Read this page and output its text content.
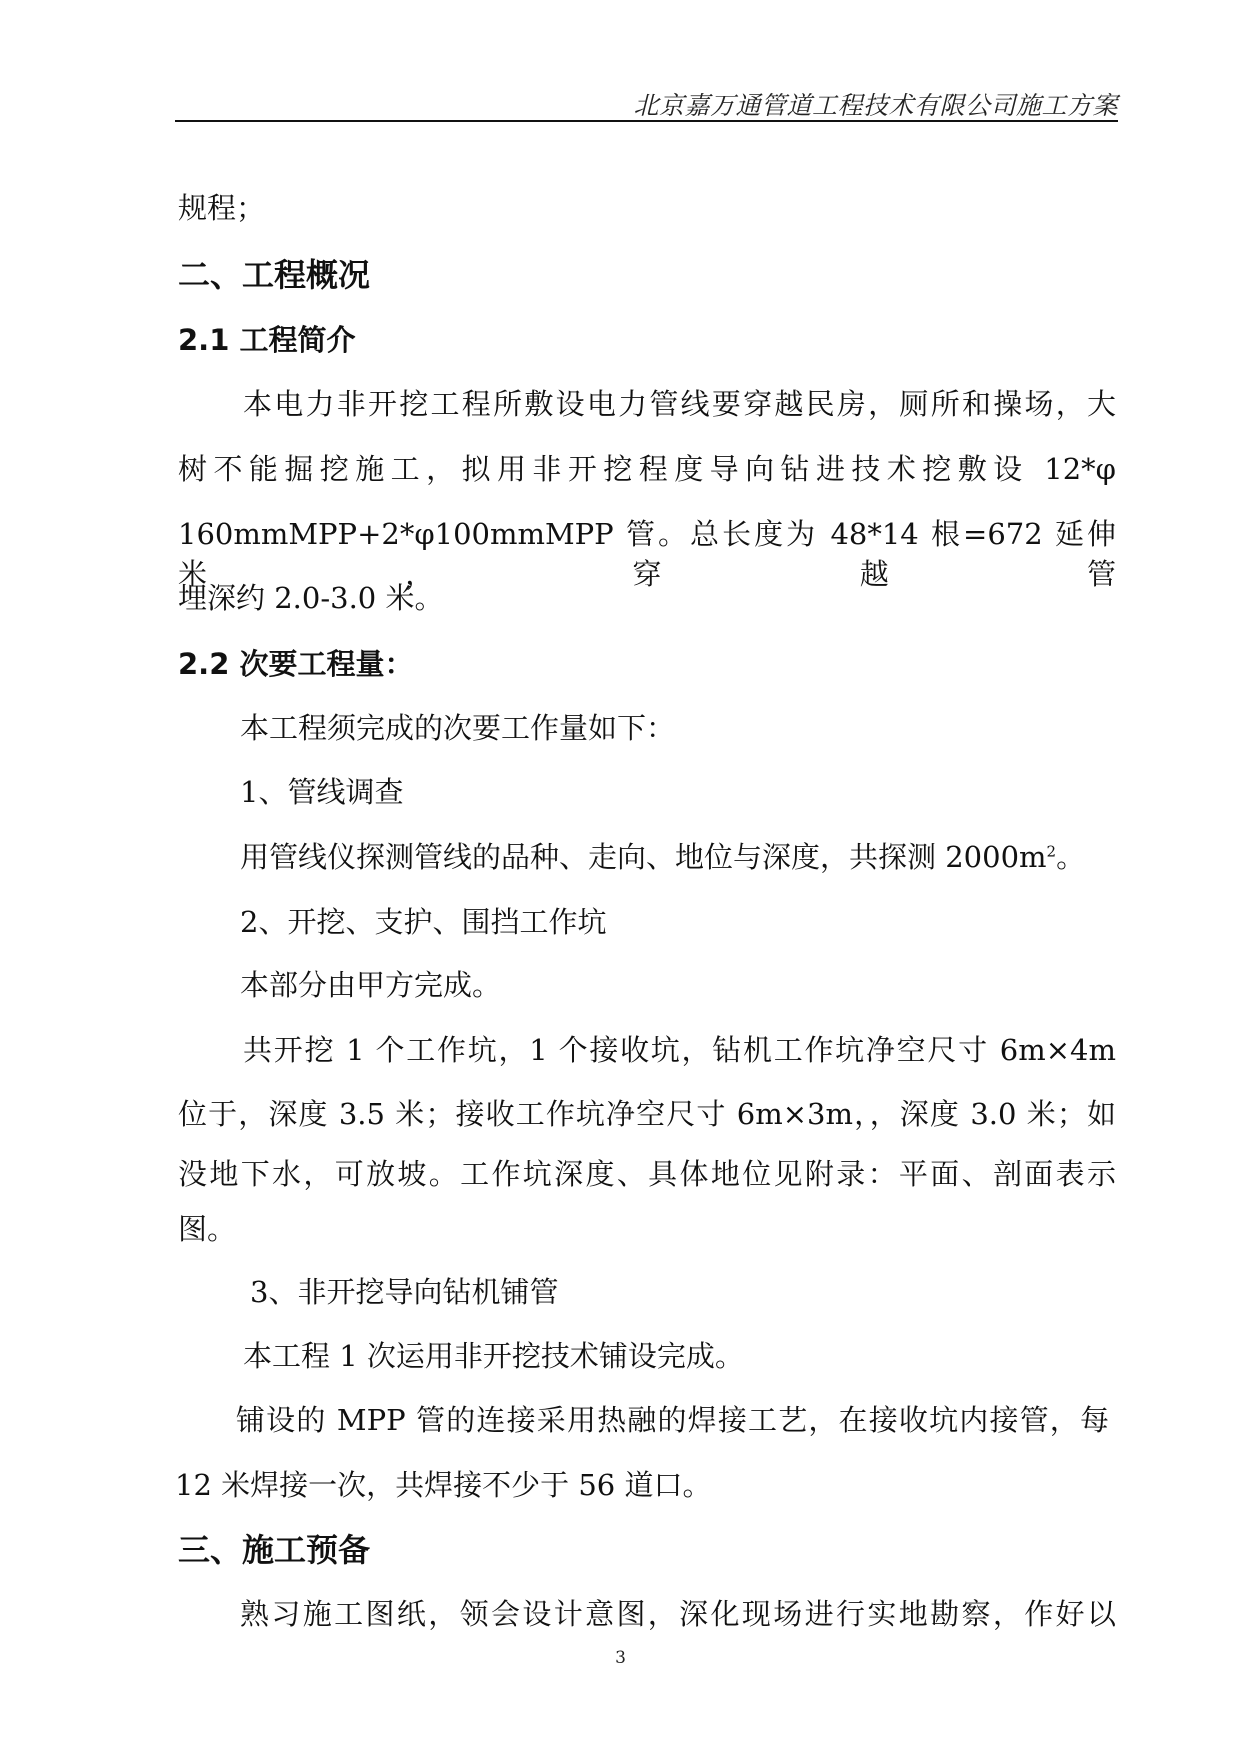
北京嘉万通管道工程技术有限公司施工方案
规程；
二、工程概况
2.1 工程简介
本电力非开挖工程所敷设电力管线要穿越民房，厕所和操场，大
树不能掘挖施工，拟用非开挖程度导向钻进技术挖敷设 12*φ
160mmMPP+2*φ100mmMPP 管。总长度为 48*14 根=672 延伸米，穿越管
埋深约 2.0-3.0 米。
2.2 次要工程量：
本工程须完成的次要工作量如下：
1、管线调查
用管线仪探测管线的品种、走向、地位与深度，共探测 $2000m^2$。
2、开挖、支护、围挡工作坑
本部分由甲方完成。
共开挖 1 个工作坑，1 个接收坑，钻机工作坑净空尺寸 6m×4m
位于，深度 3.5 米；接收工作坑净空尺寸 6m×3m，，深度 3.0 米；如
没地下水，可放坡。工作坑深度、具体地位见附录：平面、剖面表示
图。
3、非开挖导向钻机铺管
本工程 1 次运用非开挖技术铺设完成。
铺设的 MPP 管的连接采用热融的焊接工艺，在接收坑内接管，每
12 米焊接一次，共焊接不少于 56 道口。
三、施工预备
熟习施工图纸，领会设计意图，深化现场进行实地勘察，作好以
3
